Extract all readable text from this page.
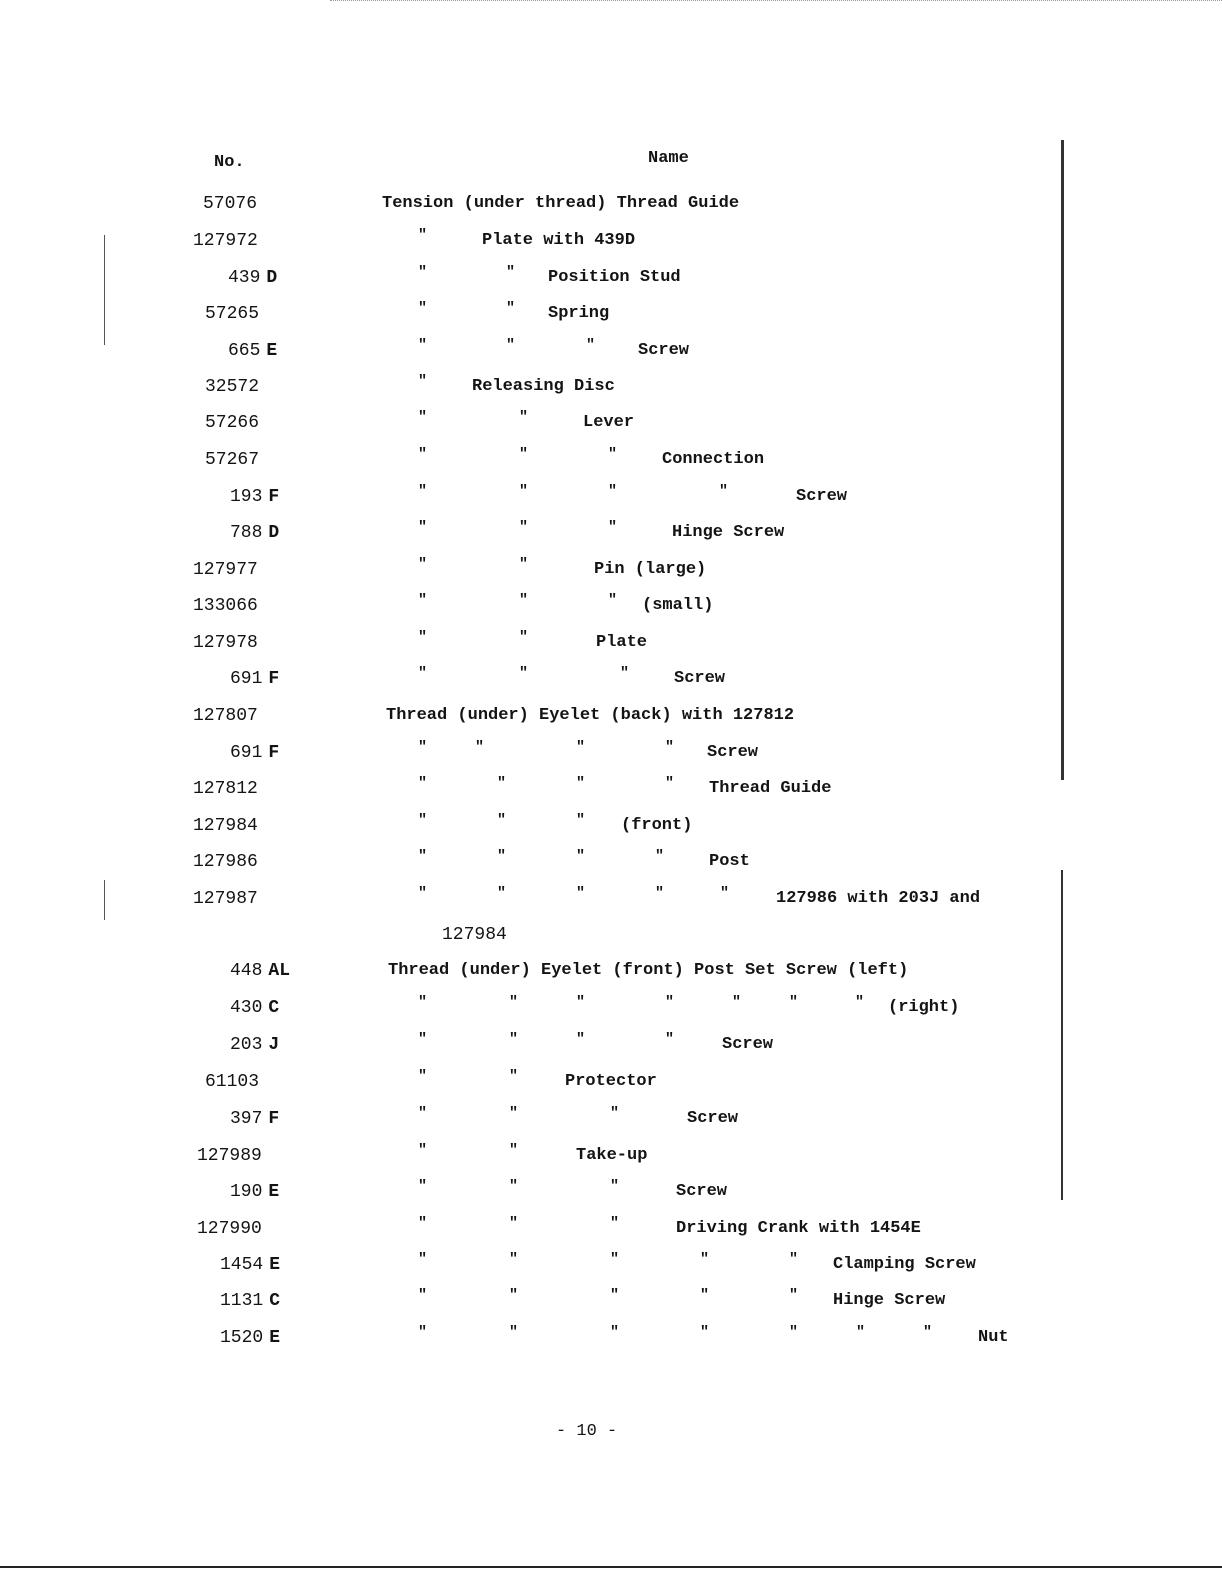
No.	Name
57076	Tension (under thread) Thread Guide
127972	"	Plate with 439D
439 D	"	" Position Stud
57265	"	" Spring
665 E	"	"	"	Screw
32572	"	Releasing Disc
57266	"	"	Lever
57267	"	"	"	Connection
193 F	"	"	"	"	Screw
788 D	"	"	"	Hinge Screw
127977	"	"	Pin (large)
133066	"	"	" (small)
127978	"	"	Plate
691 F	"	"	"	Screw
127807	Thread (under) Eyelet (back) with 127812
691 F	"	"	"	" Screw
127812	"	"	"	" Thread Guide
127984	"	"	" (front)
127986	"	"	"	"	Post
127987	"	"	"	"	"	127986 with 203J and
127984
448 AL	Thread (under) Eyelet (front) Post Set Screw (left)
430 C	"	"	"	"	"	"	" (right)
203 J	"	"	"	"	Screw
61103	"	"	Protector
397 F	"	"	"	Screw
127989	"	"	Take-up
190 E	"	"	"	Screw
127990	"	"	"	Driving Crank with 1454E
1454 E	"	"	"	"	" Clamping Screw
1131 C	"	"	"	"	" Hinge Screw
1520 E	"	"	"	"	"	"	"	Nut
- 10 -
